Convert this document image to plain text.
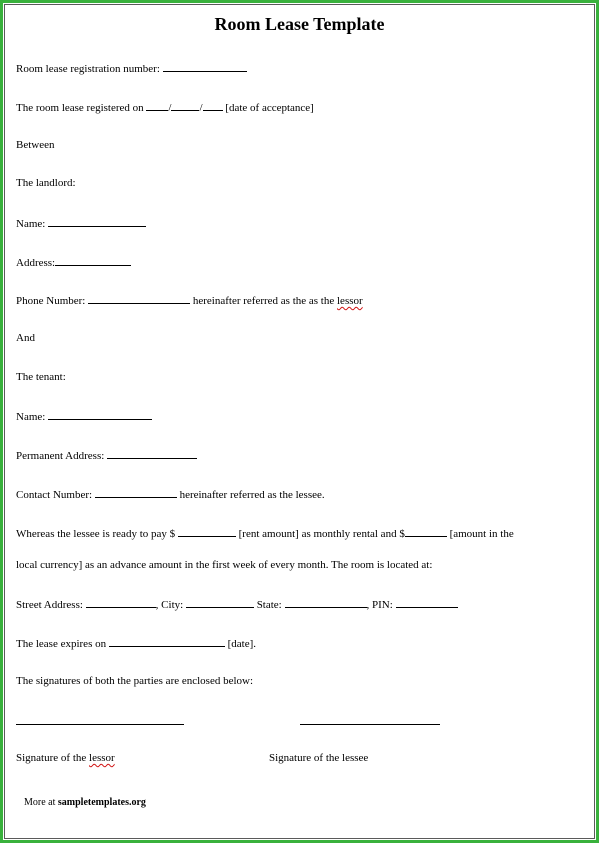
Room Lease Template
Room lease registration number:
The room lease registered on /	/ [date of acceptance]
Between
The landlord:
Name:
Address:
Phone Number:	hereinafter referred as the as the lessor
And
The tenant:
Name:
Permanent Address:
Contact Number:	hereinafter referred as the lessee.
Whereas the lessee is ready to pay $	[rent amount] as monthly rental and $	[amount in the
local currency] as an advance amount in the first week of every month. The room is located at:
Street Address:	, City:	State:	, PIN:
The lease expires on	[date].
The signatures of both the parties are enclosed below:
Signature of the lessor	Signature of the lessee
More at sampletemplates.org
